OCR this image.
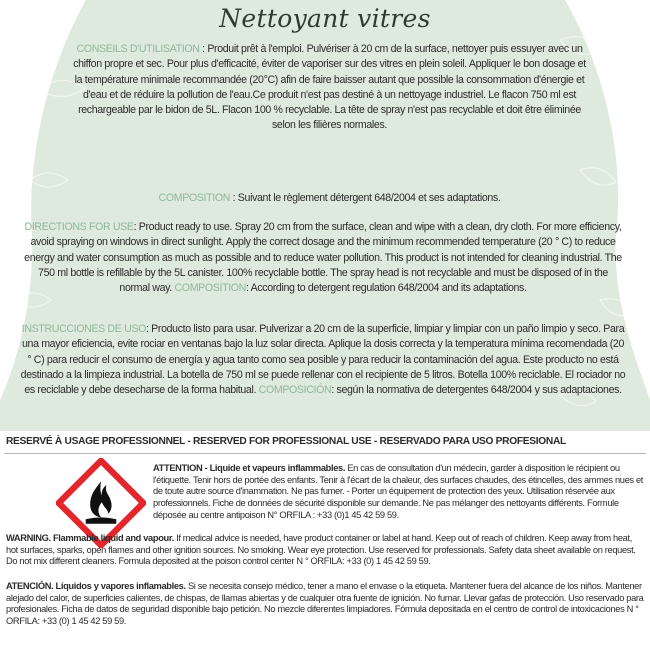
Nettoyant vitres
CONSEILS D'UTILISATION : Produit prêt à l'emploi. Pulvériser à 20 cm de la surface, nettoyer puis essuyer avec un chiffon propre et sec. Pour plus d'efficacité, éviter de vaporiser sur des vitres en plein soleil. Appliquer le bon dosage et la température minimale recommandée (20°C) afin de faire baisser autant que possible la consommation d'énergie et d'eau et de réduire la pollution de l'eau.Ce produit n'est pas destiné à un nettoyage industriel. Le flacon 750 ml est rechargeable par le bidon de 5L. Flacon 100 % recyclable. La tête de spray n'est pas recyclable et doit être éliminée selon les filières normales.
COMPOSITION : Suivant le règlement détergent 648/2004 et ses adaptations.
DIRECTIONS FOR USE: Product ready to use. Spray 20 cm from the surface, clean and wipe with a clean, dry cloth. For more efficiency, avoid spraying on windows in direct sunlight. Apply the correct dosage and the minimum recommended temperature (20 ° C) to reduce energy and water consumption as much as possible and to reduce water pollution. This product is not intended for cleaning industrial. The 750 ml bottle is refillable by the 5L canister. 100% recyclable bottle. The spray head is not recyclable and must be disposed of in the normal way. COMPOSITION: According to detergent regulation 648/2004 and its adaptations.
INSTRUCCIONES DE USO: Producto listo para usar. Pulverizar a 20 cm de la superficie, limpiar y limpiar con un paño limpio y seco. Para una mayor eficiencia, evite rociar en ventanas bajo la luz solar directa. Aplique la dosis correcta y la temperatura mínima recomendada (20 ° C) para reducir el consumo de energía y agua tanto como sea posible y para reducir la contaminación del agua. Este producto no está destinado a la limpieza industrial. La botella de 750 ml se puede rellenar con el recipiente de 5 litros. Botella 100% reciclable. El rociador no es reciclable y debe desecharse de la forma habitual. COMPOSICIÓN: según la normativa de detergentes 648/2004 y sus adaptaciones.
RESERVÉ À USAGE PROFESSIONNEL - RESERVED FOR PROFESSIONAL USE - RESERVADO PARA USO PROFESIONAL
ATTENTION - Liquide et vapeurs inflammables. En cas de consultation d'un médecin, garder à disposition le récipient ou l'étiquette. Tenir hors de portée des enfants. Tenir à l'écart de la chaleur, des surfaces chaudes, des étincelles, des ammes nues et de toute autre source d'inammation. Ne pas fumer. - Porter un équipement de protection des yeux. Utilisation réservée aux professionnels. Fiche de données de sécurité disponible sur demande. Ne pas mélanger des nettoyants différents. Formule déposée au centre antipoison N° ORFILA : +33 (0)1 45 42 59 59.
WARNING. Flammable liquid and vapour. If medical advice is needed, have product container or label at hand. Keep out of reach of children. Keep away from heat, hot surfaces, sparks, open flames and other ignition sources. No smoking. Wear eye protection. Use reserved for professionals. Safety data sheet available on request. Do not mix different cleaners. Formula deposited at the poison control center N ° ORFILA: +33 (0) 1 45 42 59 59.
ATENCIÓN. Líquidos y vapores inflamables. Si se necesita consejo médico, tener a mano el envase o la etiqueta. Mantener fuera del alcance de los niños. Mantener alejado del calor, de superficies calientes, de chispas, de llamas abiertas y de cualquier otra fuente de ignición. No fumar. Llevar gafas de protección. Uso reservado para profesionales. Ficha de datos de seguridad disponible bajo petición. No mezcle diferentes limpiadores. Fórmula depositada en el centro de control de intoxicaciones N ° ORFILA: +33 (0) 1 45 42 59 59.
